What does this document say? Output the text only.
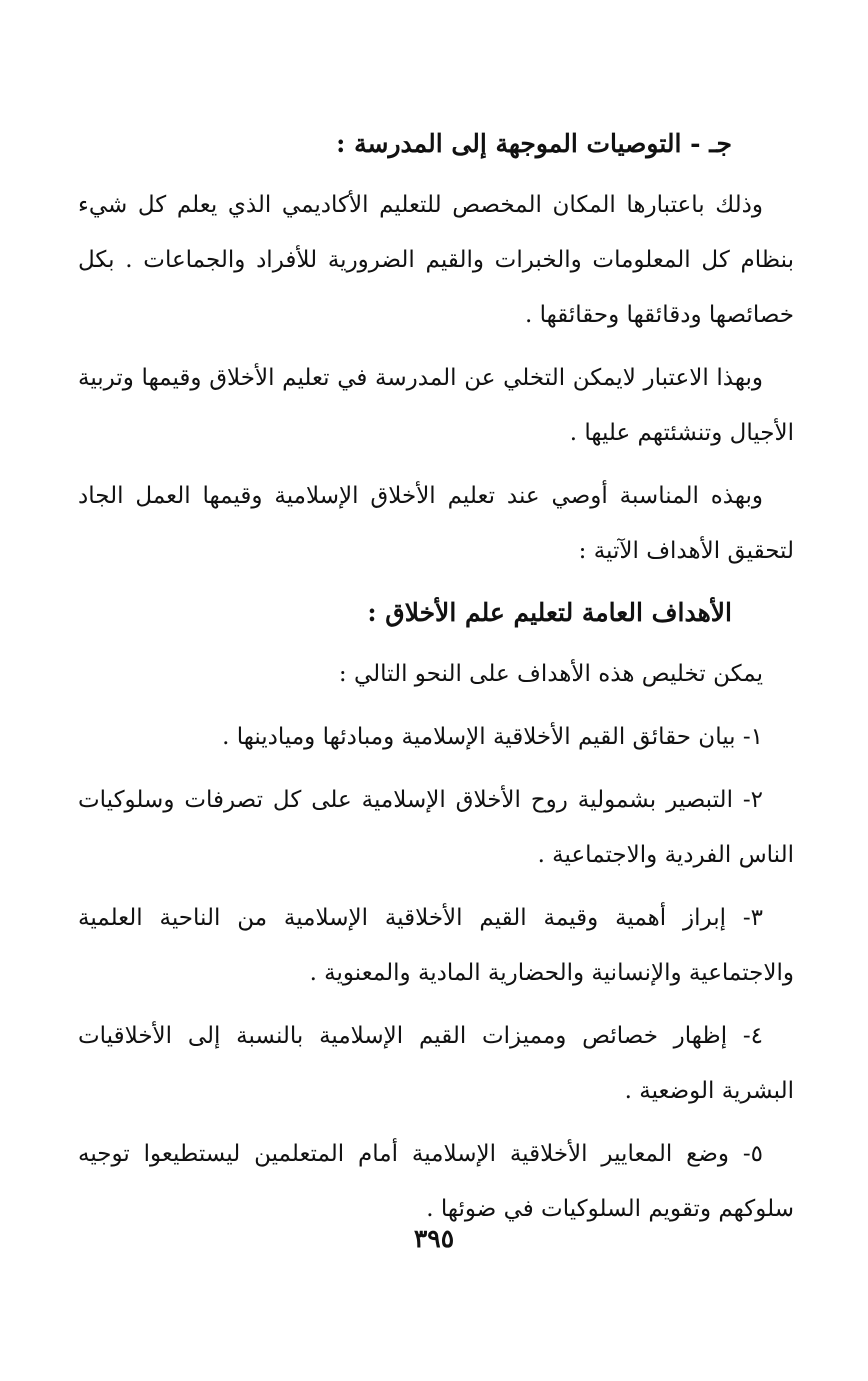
جـ - التوصيات الموجهة إلى المدرسة :

وذلك باعتبارها المكان المخصص للتعليم الأكاديمي الذي يعلم كل شيء بنظام كل المعلومات والخبرات والقيم الضرورية للأفراد والجماعات . بكل خصائصها ودقائقها وحقائقها .

وبهذا الاعتبار لايمكن التخلي عن المدرسة في تعليم الأخلاق وقيمها وتربية الأجيال وتنشئتهم عليها .

وبهذه المناسبة أوصي عند تعليم الأخلاق الإسلامية وقيمها العمل الجاد لتحقيق الأهداف الآتية :

الأهداف العامة لتعليم علم الأخلاق :

يمكن تخليص هذه الأهداف على النحو التالي :

١- بيان حقائق القيم الأخلاقية الإسلامية ومبادئها وميادينها .

٢- التبصير بشمولية روح الأخلاق الإسلامية على كل تصرفات وسلوكيات الناس الفردية والاجتماعية .

٣- إبراز أهمية وقيمة القيم الأخلاقية الإسلامية من الناحية العلمية والاجتماعية والإنسانية والحضارية المادية والمعنوية .

٤- إظهار خصائص ومميزات القيم الإسلامية بالنسبة إلى الأخلاقيات البشرية الوضعية .

٥- وضع المعايير الأخلاقية الإسلامية أمام المتعلمين ليستطيعوا توجيه سلوكهم وتقويم السلوكيات في ضوئها .

٣٩٥
